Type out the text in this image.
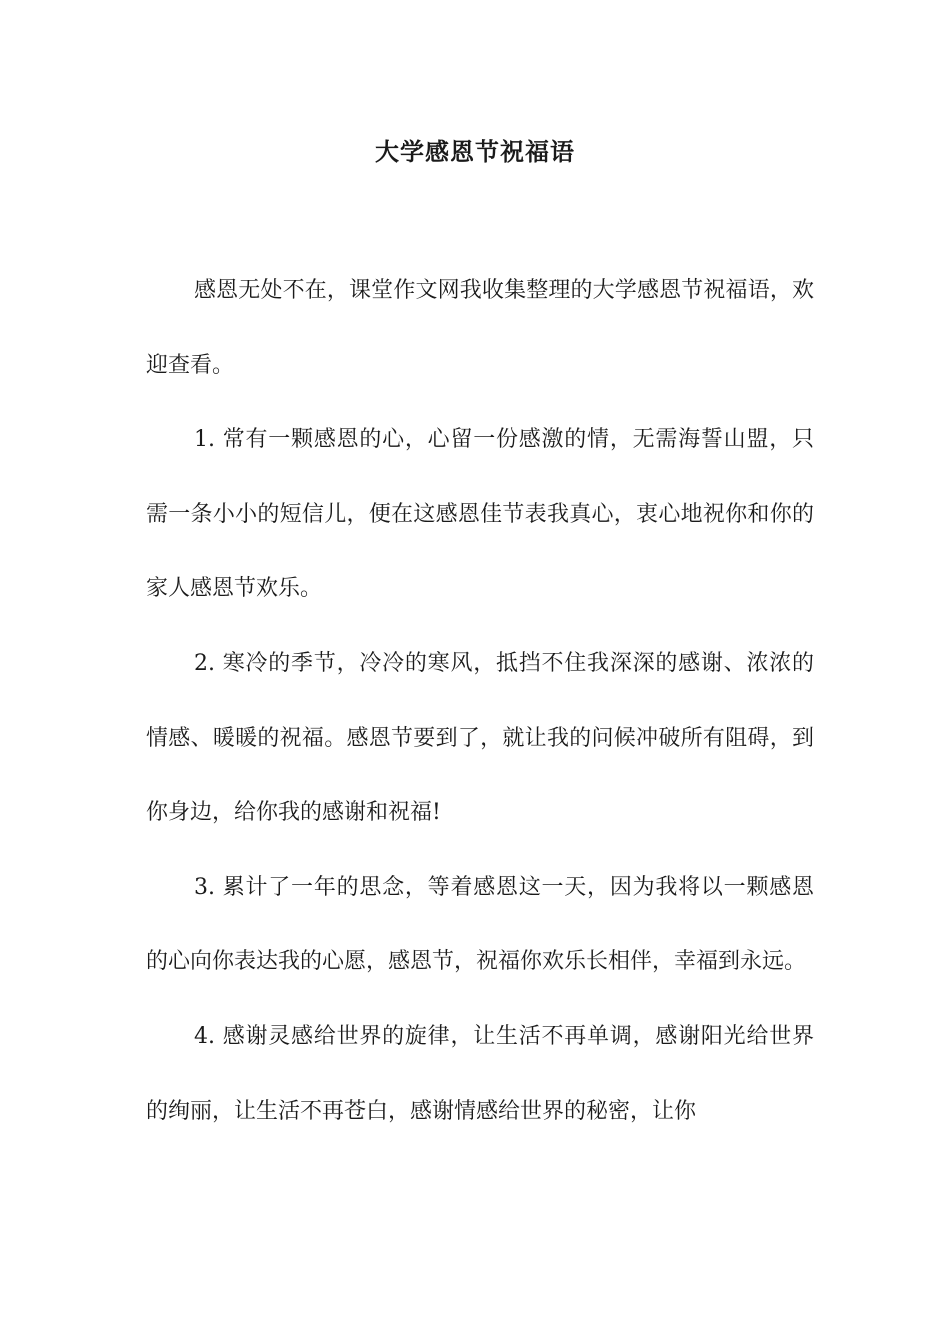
大学感恩节祝福语

感恩无处不在，课堂作文网我收集整理的大学感恩节祝福语，欢迎查看。

1. 常有一颗感恩的心，心留一份感激的情，无需海誓山盟，只需一条小小的短信儿，便在这感恩佳节表我真心，衷心地祝你和你的家人感恩节欢乐。

2. 寒冷的季节，冷冷的寒风，抵挡不住我深深的感谢、浓浓的情感、暖暖的祝福。感恩节要到了，就让我的问候冲破所有阻碍，到你身边，给你我的感谢和祝福!

3. 累计了一年的思念，等着感恩这一天，因为我将以一颗感恩的心向你表达我的心愿，感恩节，祝福你欢乐长相伴，幸福到永远。

4. 感谢灵感给世界的旋律，让生活不再单调，感谢阳光给世界的绚丽，让生活不再苍白，感谢情感给世界的秘密，让你
